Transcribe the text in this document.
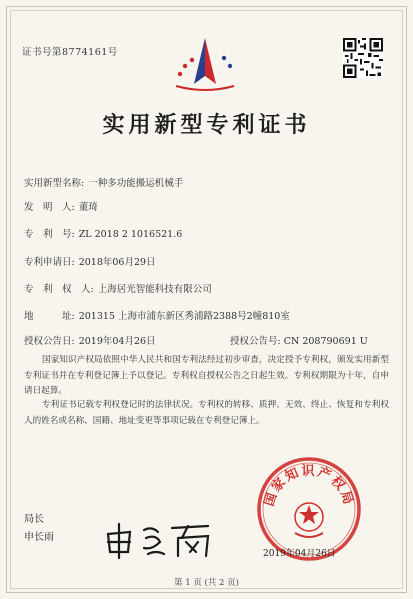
证书号第8774161号
实用新型专利证书
实用新型名称: 一种多功能搬运机械手
发　明　人: 董琦
专　利　号: ZL 2018 2 1016521.6
专利申请日: 2018年06月29日
专　利　权　人: 上海居光智能科技有限公司
地　　　址: 201315 上海市浦东新区秀浦路2388号2幢810室
授权公告日: 2019年04月26日	授权公告号: CN 208790691 U
国家知识产权局依照中华人民共和国专利法经过初步审查，决定授予专利权，颁发实用新型专利证书并在专利登记簿上予以登记。专利权自授权公告之日起生效。专利权期限为十年，自申请日起算。
专利证书记载专利权登记时的法律状况。专利权的转移、质押、无效、终止、恢复和专利权人的姓名或名称、国籍、地址变更等事项记载在专利登记簿上。
局长
申长雨
国家知识产权局
2019年04月26日
第 1 页 (共 2 页)
